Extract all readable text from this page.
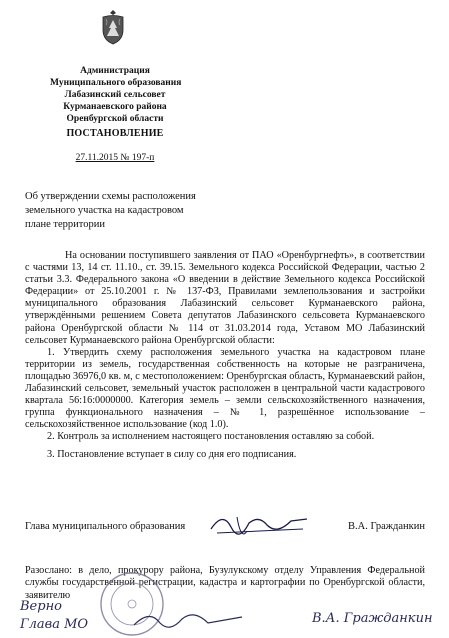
Администрация
Муниципального образования
Лабазинский сельсовет
Курманаевского района
Оренбургской области
ПОСТАНОВЛЕНИЕ
27.11.2015 № 197-п
Об утверждении схемы расположения
земельного участка на кадастровом
плане территории

На основании поступившего заявления от ПАО «Оренбургнефть», в соответствии с частями 13, 14 ст. 11.10., ст. 39.15. Земельного кодекса Российской Федерации, частью 2 статьи 3.3. Федерального закона «О введении в действие Земельного кодекса Российской Федерации» от 25.10.2001 г. № 137-ФЗ, Правилами землепользования и застройки муниципального образования Лабазинский сельсовет Курманаевского района, утверждёнными решением Совета депутатов Лабазинского сельсовета Курманаевского района Оренбургской области № 114 от 31.03.2014 года, Уставом МО Лабазинский сельсовет Курманаевского района Оренбургской области:

1. Утвердить схему расположения земельного участка на кадастровом плане территории из земель, государственная собственность на которые не разграничена, площадью 36976,0 кв. м, с местоположением: Оренбургская область, Курманаевский район, Лабазинский сельсовет, земельный участок расположен в центральной части кадастрового квартала 56:16:0000000. Категория земель – земли сельскохозяйственного назначения, группа функционального назначения – № 1, разрешённое использование – сельскохозяйственное использование (код 1.0).

2. Контроль за исполнением настоящего постановления оставляю за собой.

3. Постановление вступает в силу со дня его подписания.

Глава муниципального образования	В.А. Гражданкин

Разослано: в дело, прокурору района, Бузулукскому отделу Управления Федеральной службы государственной регистрации, кадастра и картографии по Оренбургской области, заявителю

Верно
Глава МО	В.А. Гражданкин
